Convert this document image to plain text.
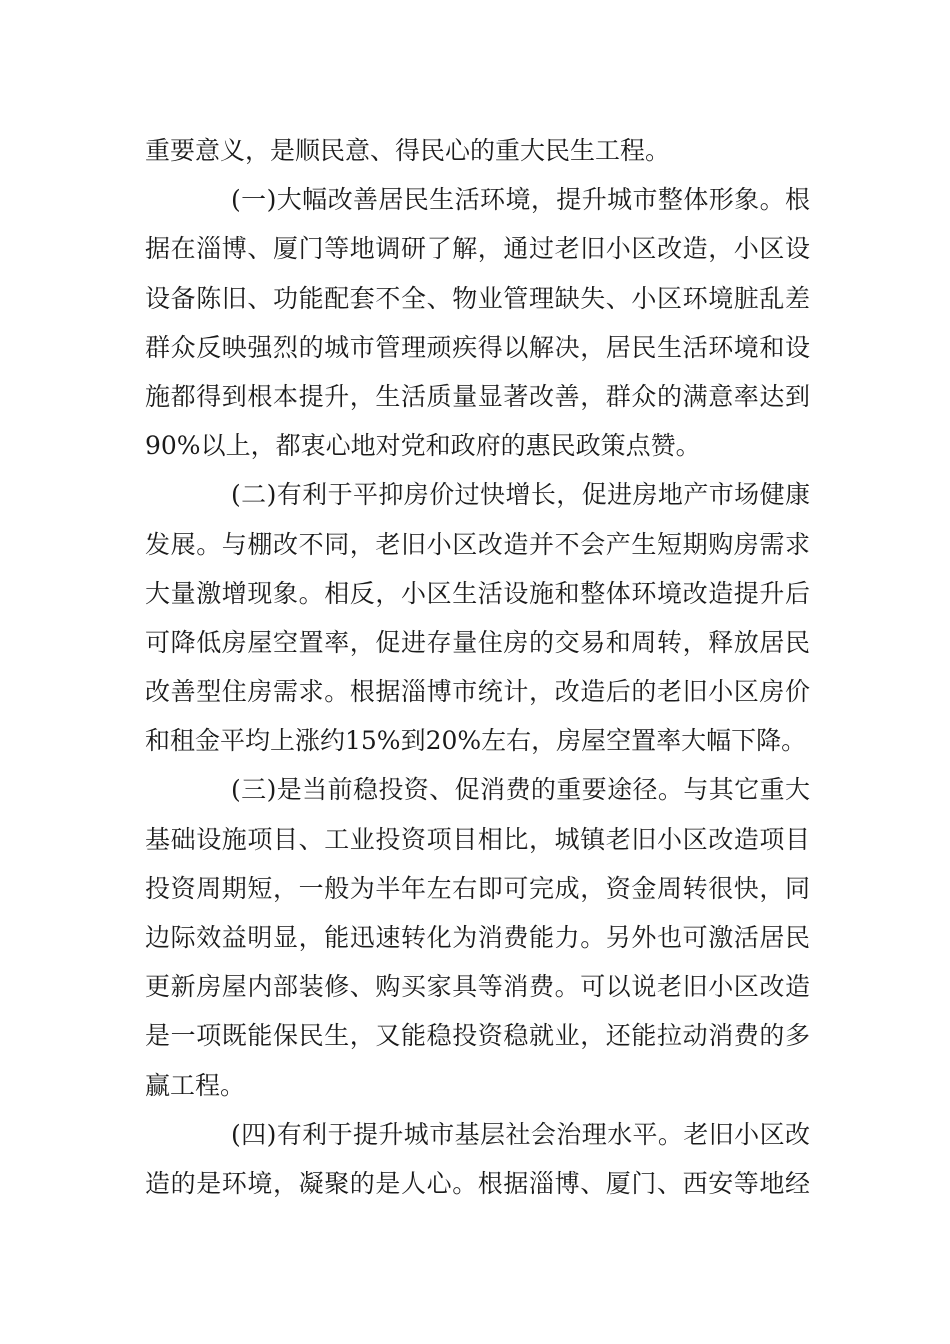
重要意义，是顺民意、得民心的重大民生工程。
(一)大幅改善居民生活环境，提升城市整体形象。根
据在淄博、厦门等地调研了解，通过老旧小区改造，小区设
设备陈旧、功能配套不全、物业管理缺失、小区环境脏乱差
群众反映强烈的城市管理顽疾得以解决，居民生活环境和设
施都得到根本提升，生活质量显著改善，群众的满意率达到
90%以上，都衷心地对党和政府的惠民政策点赞。
(二)有利于平抑房价过快增长，促进房地产市场健康
发展。与棚改不同，老旧小区改造并不会产生短期购房需求
大量激增现象。相反，小区生活设施和整体环境改造提升后
可降低房屋空置率，促进存量住房的交易和周转，释放居民
改善型住房需求。根据淄博市统计，改造后的老旧小区房价
和租金平均上涨约15%到20%左右，房屋空置率大幅下降。
(三)是当前稳投资、促消费的重要途径。与其它重大
基础设施项目、工业投资项目相比，城镇老旧小区改造项目
投资周期短，一般为半年左右即可完成，资金周转很快，同
边际效益明显，能迅速转化为消费能力。另外也可激活居民
更新房屋内部装修、购买家具等消费。可以说老旧小区改造
是一项既能保民生，又能稳投资稳就业，还能拉动消费的多
赢工程。
(四)有利于提升城市基层社会治理水平。老旧小区改
造的是环境，凝聚的是人心。根据淄博、厦门、西安等地经
